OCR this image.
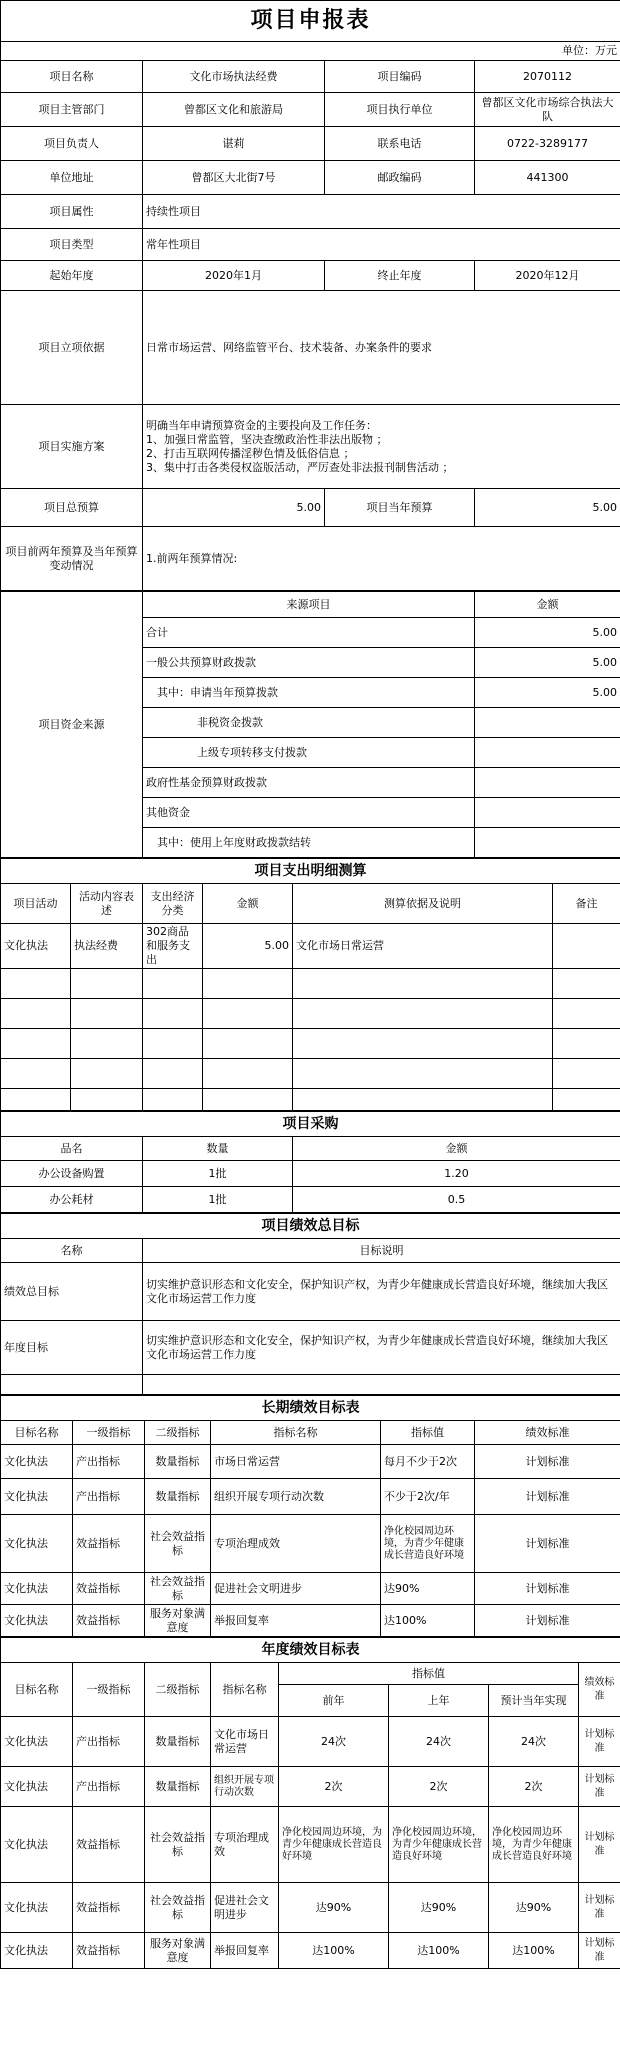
项目申报表			
单位：万元			
项目名称	文化市场执法经费	项目编码	2070112
项目主管部门	曾都区文化和旅游局	项目执行单位	曾都区文化市场综合执法大队
项目负责人	谌莉	联系电话	0722-3289177
单位地址	曾都区大北街7号	邮政编码	441300
项目属性	持续性项目		
项目类型	常年性项目		
起始年度	2020年1月	终止年度	2020年12月
项目立项依据	日常市场运营、网络监管平台、技术装备、办案条件的要求		
项目实施方案	明确当年申请预算资金的主要投向及工作任务：
1、加强日常监管，坚决查缴政治性非法出版物 ；
2、打击互联网传播淫秽色情及低俗信息 ；
3、集中打击各类侵权盗版活动，严厉查处非法报刊制售活动 ；		
项目总预算	5.00	项目当年预算	5.00
项目前两年预算及当年预算变动情况	1.前两年预算情况:		
项目资金来源	来源项目	金额
	合计	5.00
	一般公共预算财政拨款	5.00
	其中：申请当年预算拨款	5.00
	非税资金拨款	
	上级专项转移支付拨款	
	政府性基金预算财政拨款	
	其他资金	
	其中：使用上年度财政拨款结转	
项目支出明细测算					
项目活动	活动内容表述	支出经济分类	金额	测算依据及说明	备注
文化执法	执法经费	302商品和服务支出	5.00	文化市场日常运营	

项目采购		
品名	数量	金额
办公设备购置	1批	1.20
办公耗材	1批	0.5
项目绩效总目标	
名称	目标说明
绩效总目标	切实维护意识形态和文化安全，保护知识产权，为青少年健康成长营造良好环境，继续加大我区文化市场运营工作力度
年度目标	切实维护意识形态和文化安全，保护知识产权，为青少年健康成长营造良好环境，继续加大我区文化市场运营工作力度

长期绩效目标表					
目标名称	一级指标	二级指标	指标名称	指标值	绩效标准
文化执法	产出指标	数量指标	市场日常运营	每月不少于2次	计划标准
文化执法	产出指标	数量指标	组织开展专项行动次数	不少于2次/年	计划标准
文化执法	效益指标	社会效益指标	专项治理成效	净化校园周边环境，为青少年健康成长营造良好环境	计划标准
文化执法	效益指标	社会效益指标	促进社会文明进步	达90%	计划标准
文化执法	效益指标	服务对象满意度	举报回复率	达100%	计划标准
年度绩效目标表							
目标名称	一级指标	二级指标	指标名称	指标值			绩效标准
				前年	上年	预计当年实现	
文化执法	产出指标	数量指标	文化市场日常运营	24次	24次	24次	计划标准
文化执法	产出指标	数量指标	组织开展专项行动次数	2次	2次	2次	计划标准
文化执法	效益指标	社会效益指标	专项治理成效	净化校园周边环境，为青少年健康成长营造良好环境	净化校园周边环境，为青少年健康成长营造良好环境	净化校园周边环境，为青少年健康成长营造良好环境	计划标准
文化执法	效益指标	社会效益指标	促进社会文明进步	达90%	达90%	达90%	计划标准
文化执法	效益指标	服务对象满意度	举报回复率	达100%	达100%	达100%	计划标准
